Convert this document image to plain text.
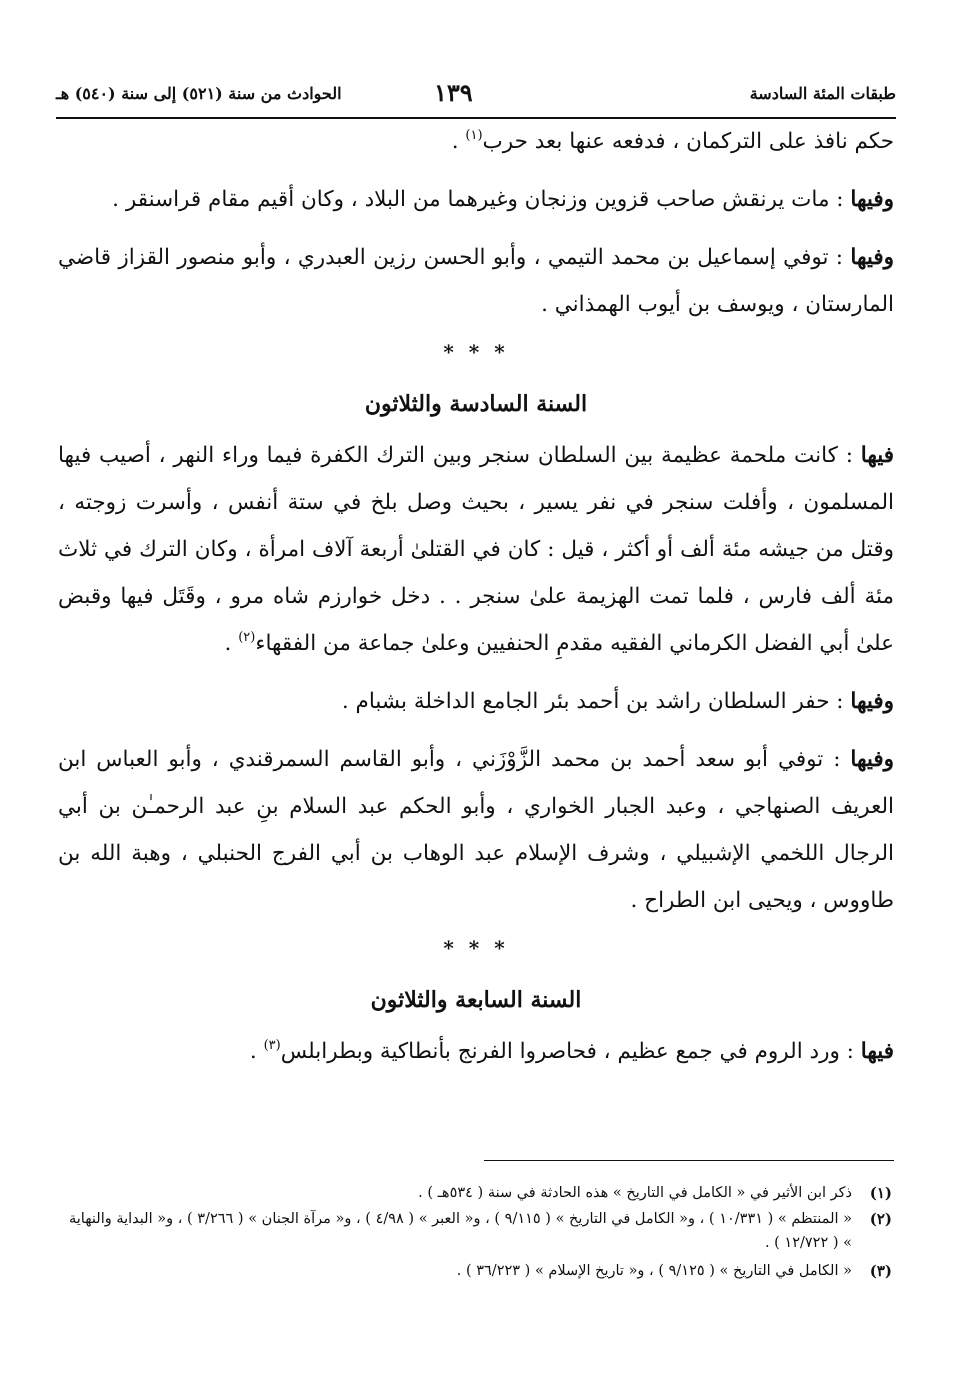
الحوادث من سنة (٥٢١) إلى سنة (٥٤٠) هـ	١٣٩	طبقات المئة السادسة

حكم نافذ على التركمان ، فدفعه عنها بعد حرب$^{(١)}$ .

وفيها : مات يرنقش صاحب قزوين وزنجان وغيرهما من البلاد ، وكان أقيم مقام قراسنقر .

وفيها : توفي إسماعيل بن محمد التيمي ، وأبو الحسن رزين العبدري ، وأبو منصور القزاز قاضي المارستان ، ويوسف بن أيوب الهمذاني .

* * *
السنة السادسة والثلاثون

فيها : كانت ملحمة عظيمة بين السلطان سنجر وبين الترك الكفرة فيما وراء النهر ، أصيب فيها المسلمون ، وأفلت سنجر في نفر يسير ، بحيث وصل بلخ في ستة أنفس ، وأسرت زوجته ، وقتل من جيشه مئة ألف أو أكثر ، قيل : كان في القتلىٰ أربعة آلاف امرأة ، وكان الترك في ثلاث مئة ألف فارس ، فلما تمت الهزيمة علىٰ سنجر . . دخل خوارزم شاه مرو ، وقَتَل فيها وقبض علىٰ أبي الفضل الكرماني الفقيه مقدمِ الحنفيين وعلىٰ جماعة من الفقهاء$^{(٢)}$ .

وفيها : حفر السلطان راشد بن أحمد بئر الجامع الداخلة بشبام .

وفيها : توفي أبو سعد أحمد بن محمد الزَّوْزَني ، وأبو القاسم السمرقندي ، وأبو العباس ابن العريف الصنهاجي ، وعبد الجبار الخواري ، وأبو الحكم عبد السلام بنِ عبد الرحمـٰن بن أبي الرجال اللخمي الإشبيلي ، وشرف الإسلام عبد الوهاب بن أبي الفرج الحنبلي ، وهبة الله بن طاووس ، ويحيى ابن الطراح .

* * *
السنة السابعة والثلاثون

فيها : ورد الروم في جمع عظيم ، فحاصروا الفرنج بأنطاكية وبطرابلس$^{(٣)}$ .

(١)
ذكر ابن الأثير في « الكامل في التاريخ » هذه الحادثة في سنة ( ٥٣٤هـ ) .
(٢)
« المنتظم » ( ١٠/٣٣١ ) ، و« الكامل في التاريخ » ( ٩/١١٥ ) ، و« العبر » ( ٤/٩٨ ) ، و« مرآة الجنان » ( ٣/٢٦٦ ) ، و« البداية والنهاية » ( ١٢/٧٢٢ ) .
(٣)
« الكامل في التاريخ » ( ٩/١٢٥ ) ، و« تاريخ الإسلام » ( ٣٦/٢٢٣ ) .
